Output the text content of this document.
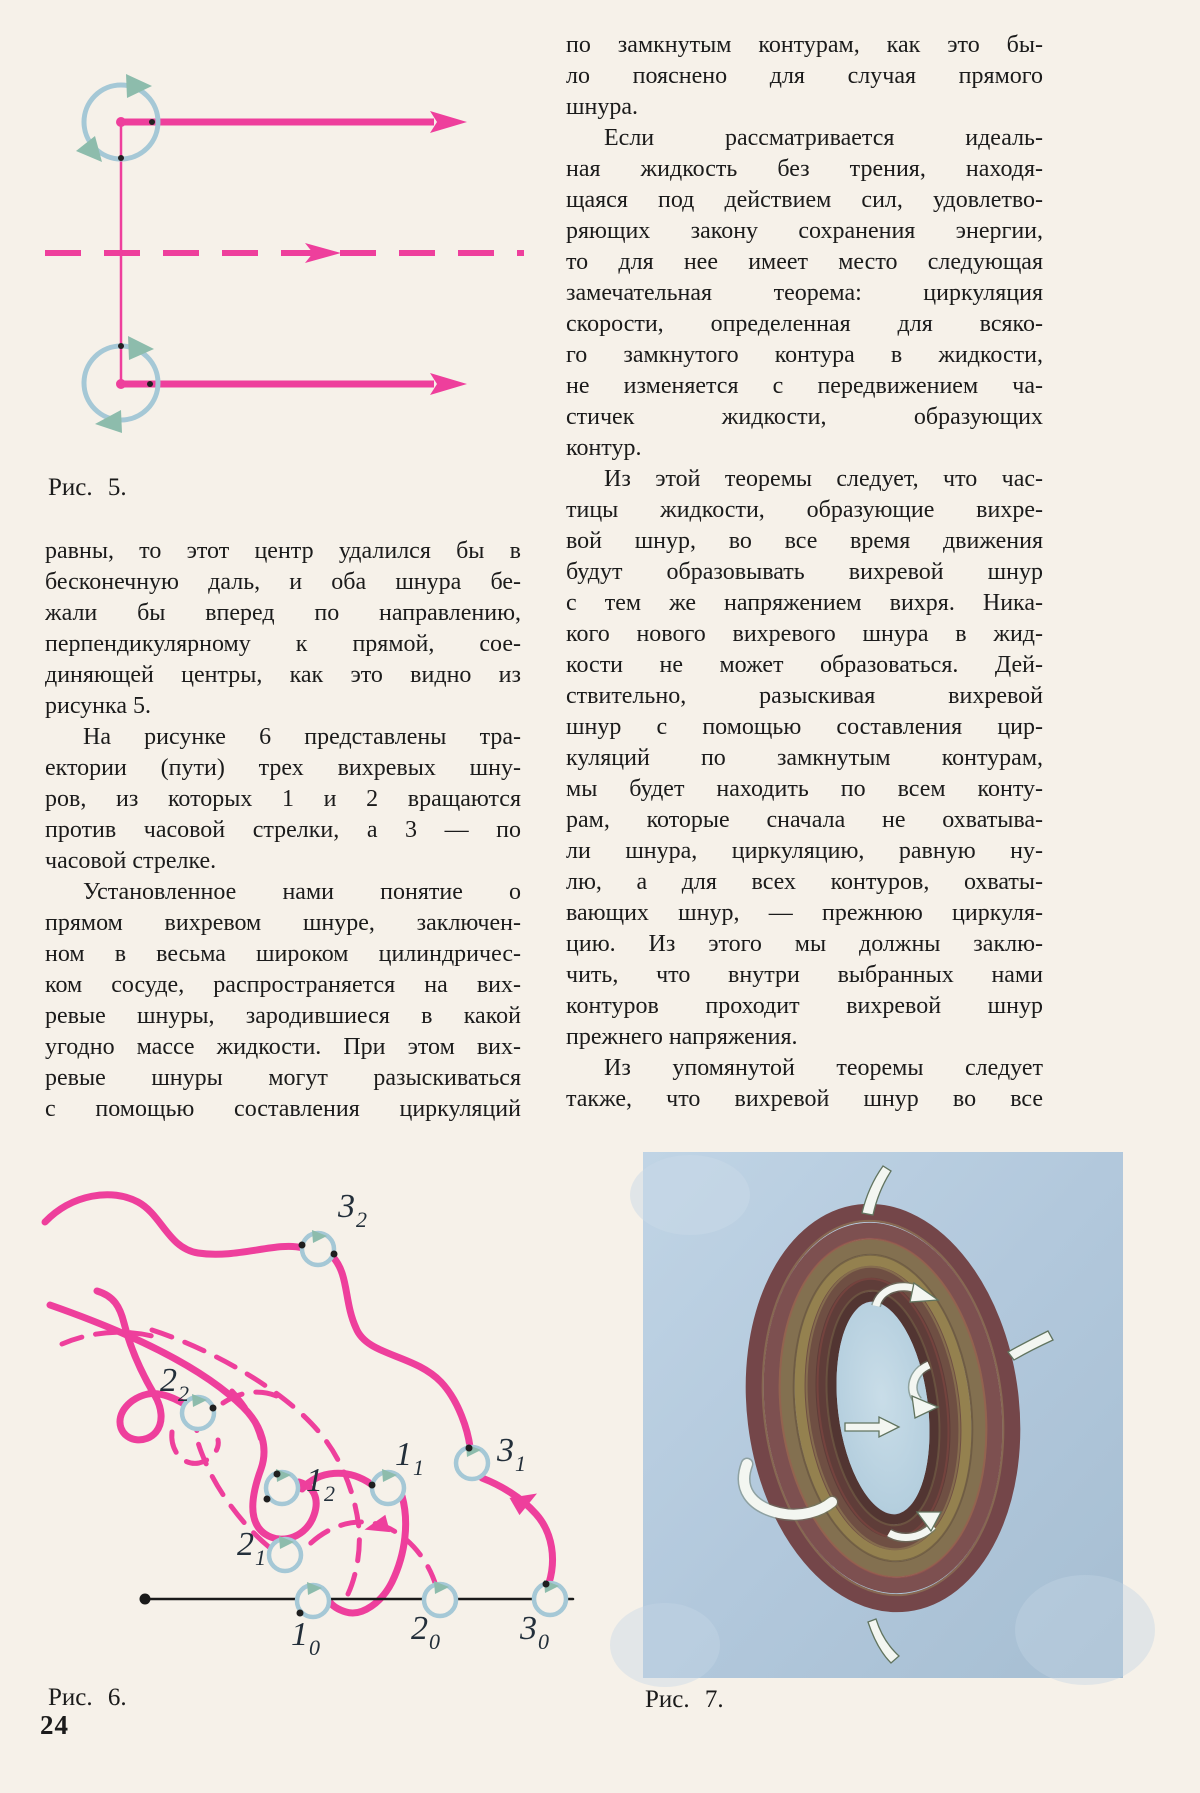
Рис. 5.
Рис. 6.	Рис. 7.
24
$3_2$
$2_2$
$1_2$
$1_1$ $3_1$
$2_1$
$1_0$
$2_0$ $3_0$
равны, то этот центр удалился бы в
бесконечную даль, и оба шнура бе-
жали бы вперед по направлению,
перпендикулярному к прямой, сое-
диняющей центры, как это видно из
рисунка 5.
На рисунке 6 представлены тра-
ектории (пути) трех вихревых шну-
ров, из которых 1 и 2 вращаются
против часовой стрелки, а 3 — по
часовой стрелке.
Установленное нами понятие о
прямом вихревом шнуре, заключен-
ном в весьма широком цилиндричес-
ком сосуде, распространяется на вих-
ревые шнуры, зародившиеся в какой
угодно массе жидкости. При этом вих-
ревые шнуры могут разыскиваться
с помощью составления циркуляций
по замкнутым контурам, как это бы-
ло пояснено для случая прямого
шнура.
Если рассматривается идеаль-
ная жидкость без трения, находя-
щаяся под действием сил, удовлетво-
ряющих закону сохранения энергии,
то для нее имеет место следующая
замечательная теорема: циркуляция
скорости, определенная для всяко-
го замкнутого контура в жидкости,
не изменяется с передвижением ча-
стичек жидкости, образующих
контур.
Из этой теоремы следует, что час-
тицы жидкости, образующие вихре-
вой шнур, во все время движения
будут образовывать вихревой шнур
с тем же напряжением вихря. Ника-
кого нового вихревого шнура в жид-
кости не может образоваться. Дей-
ствительно, разыскивая вихревой
шнур с помощью составления цир-
куляций по замкнутым контурам,
мы будет находить по всем конту-
рам, которые сначала не охватыва-
ли шнура, циркуляцию, равную ну-
лю, а для всех контуров, охваты-
вающих шнур, — прежнюю циркуля-
цию. Из этого мы должны заклю-
чить, что внутри выбранных нами
контуров проходит вихревой шнур
прежнего напряжения.
Из упомянутой теоремы следует
также, что вихревой шнур во все
